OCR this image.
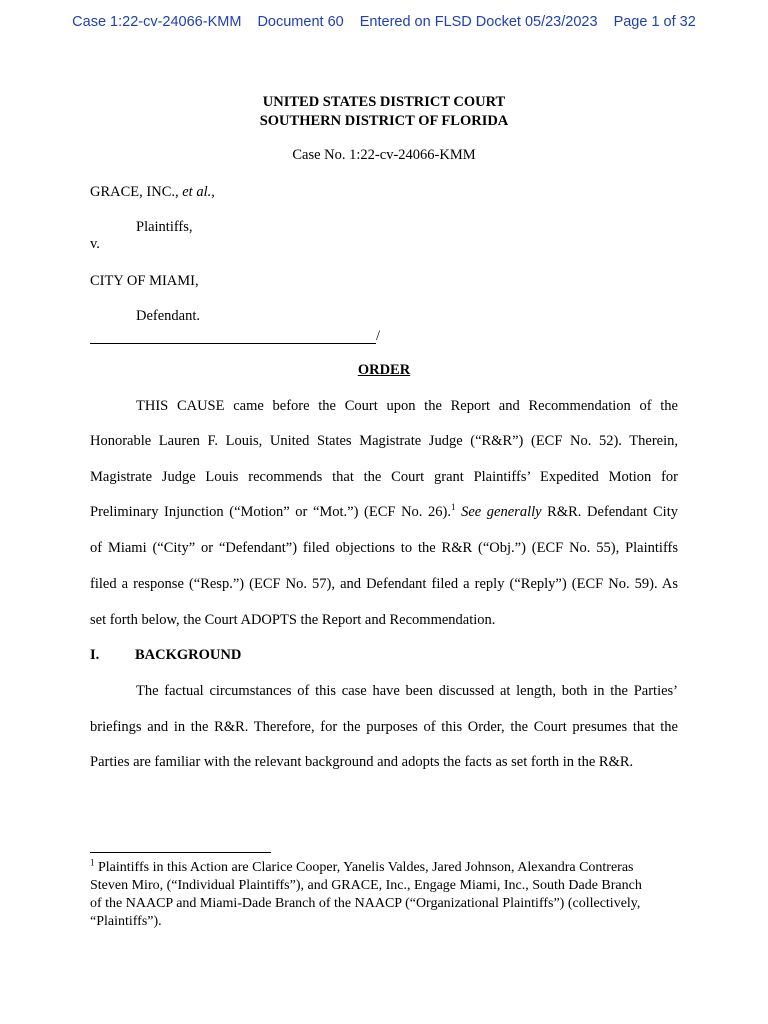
Case 1:22-cv-24066-KMM Document 60 Entered on FLSD Docket 05/23/2023 Page 1 of 32
UNITED STATES DISTRICT COURT
SOUTHERN DISTRICT OF FLORIDA
Case No. 1:22-cv-24066-KMM
GRACE, INC., et al.,
Plaintiffs,
v.
CITY OF MIAMI,
Defendant.
/
ORDER
THIS CAUSE came before the Court upon the Report and Recommendation of the
Honorable Lauren F. Louis, United States Magistrate Judge (“R&R”) (ECF No. 52). Therein,
Magistrate Judge Louis recommends that the Court grant Plaintiffs’ Expedited Motion for
Preliminary Injunction (“Motion” or “Mot.”) (ECF No. 26).$^1$ See generally R&R. Defendant City
of Miami (“City” or “Defendant”) filed objections to the R&R (“Obj.”) (ECF No. 55), Plaintiffs
filed a response (“Resp.”) (ECF No. 57), and Defendant filed a reply (“Reply”) (ECF No. 59). As
set forth below, the Court ADOPTS the Report and Recommendation.
I. BACKGROUND
The factual circumstances of this case have been discussed at length, both in the Parties’
briefings and in the R&R. Therefore, for the purposes of this Order, the Court presumes that the
Parties are familiar with the relevant background and adopts the facts as set forth in the R&R.
$^1$ Plaintiffs in this Action are Clarice Cooper, Yanelis Valdes, Jared Johnson, Alexandra Contreras
Steven Miro, (“Individual Plaintiffs”), and GRACE, Inc., Engage Miami, Inc., South Dade Branch
of the NAACP and Miami-Dade Branch of the NAACP (“Organizational Plaintiffs”) (collectively,
“Plaintiffs”).
